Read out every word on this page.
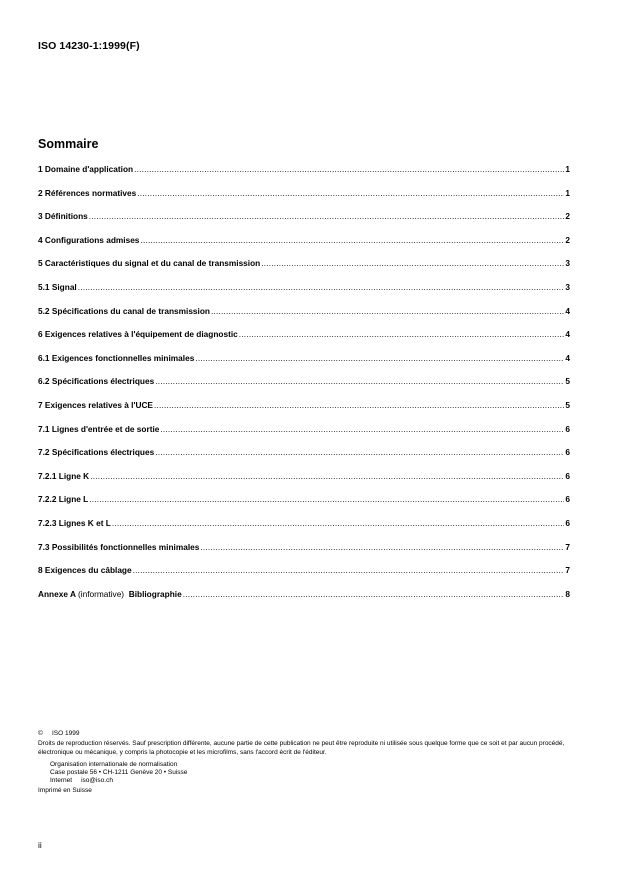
ISO 14230-1:1999(F)
Sommaire
1 Domaine d'application .....	1
2 Références normatives .....	1
3 Définitions .....	2
4 Configurations admises .....	2
5 Caractéristiques du signal et du canal de transmission .....	3
5.1 Signal .....	3
5.2 Spécifications du canal de transmission .....	4
6 Exigences relatives à l'équipement de diagnostic .....	4
6.1 Exigences fonctionnelles minimales .....	4
6.2 Spécifications électriques .....	5
7 Exigences relatives à l'UCE .....	5
7.1 Lignes d'entrée et de sortie .....	6
7.2 Spécifications électriques .....	6
7.2.1 Ligne K .....	6
7.2.2 Ligne L .....	6
7.2.3 Lignes K et L .....	6
7.3 Possibilités fonctionnelles minimales .....	7
8 Exigences du câblage .....	7
Annexe A (informative) Bibliographie .....	8
© ISO 1999
Droits de reproduction réservés. Sauf prescription différente, aucune partie de cette publication ne peut être reproduite ni utilisée sous quelque forme que ce soit et par aucun procédé, électronique ou mécanique, y compris la photocopie et les microfilms, sans l'accord écrit de l'éditeur.
Organisation internationale de normalisation
Case postale 56 • CH-1211 Genève 20 • Suisse
Internet iso@iso.ch
Imprimé en Suisse
ii
